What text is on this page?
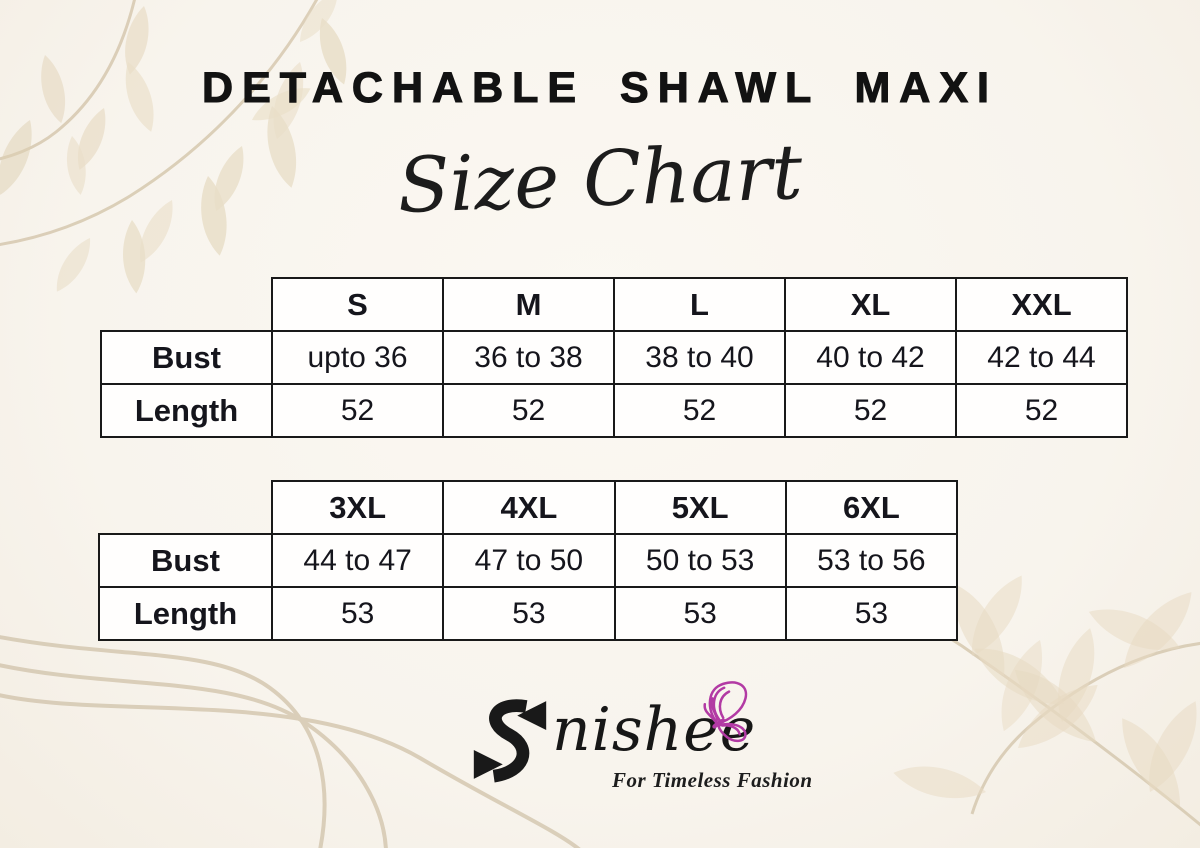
DETACHABLE SHAWL MAXI
Size Chart
	S	M	L	XL	XXL
Bust	upto 36	36 to 38	38 to 40	40 to 42	42 to 44
Length	52	52	52	52	52
	3XL	4XL	5XL	6XL
Bust	44 to 47	47 to 50	50 to 53	53 to 56
Length	53	53	53	53
nishee
For Timeless Fashion
